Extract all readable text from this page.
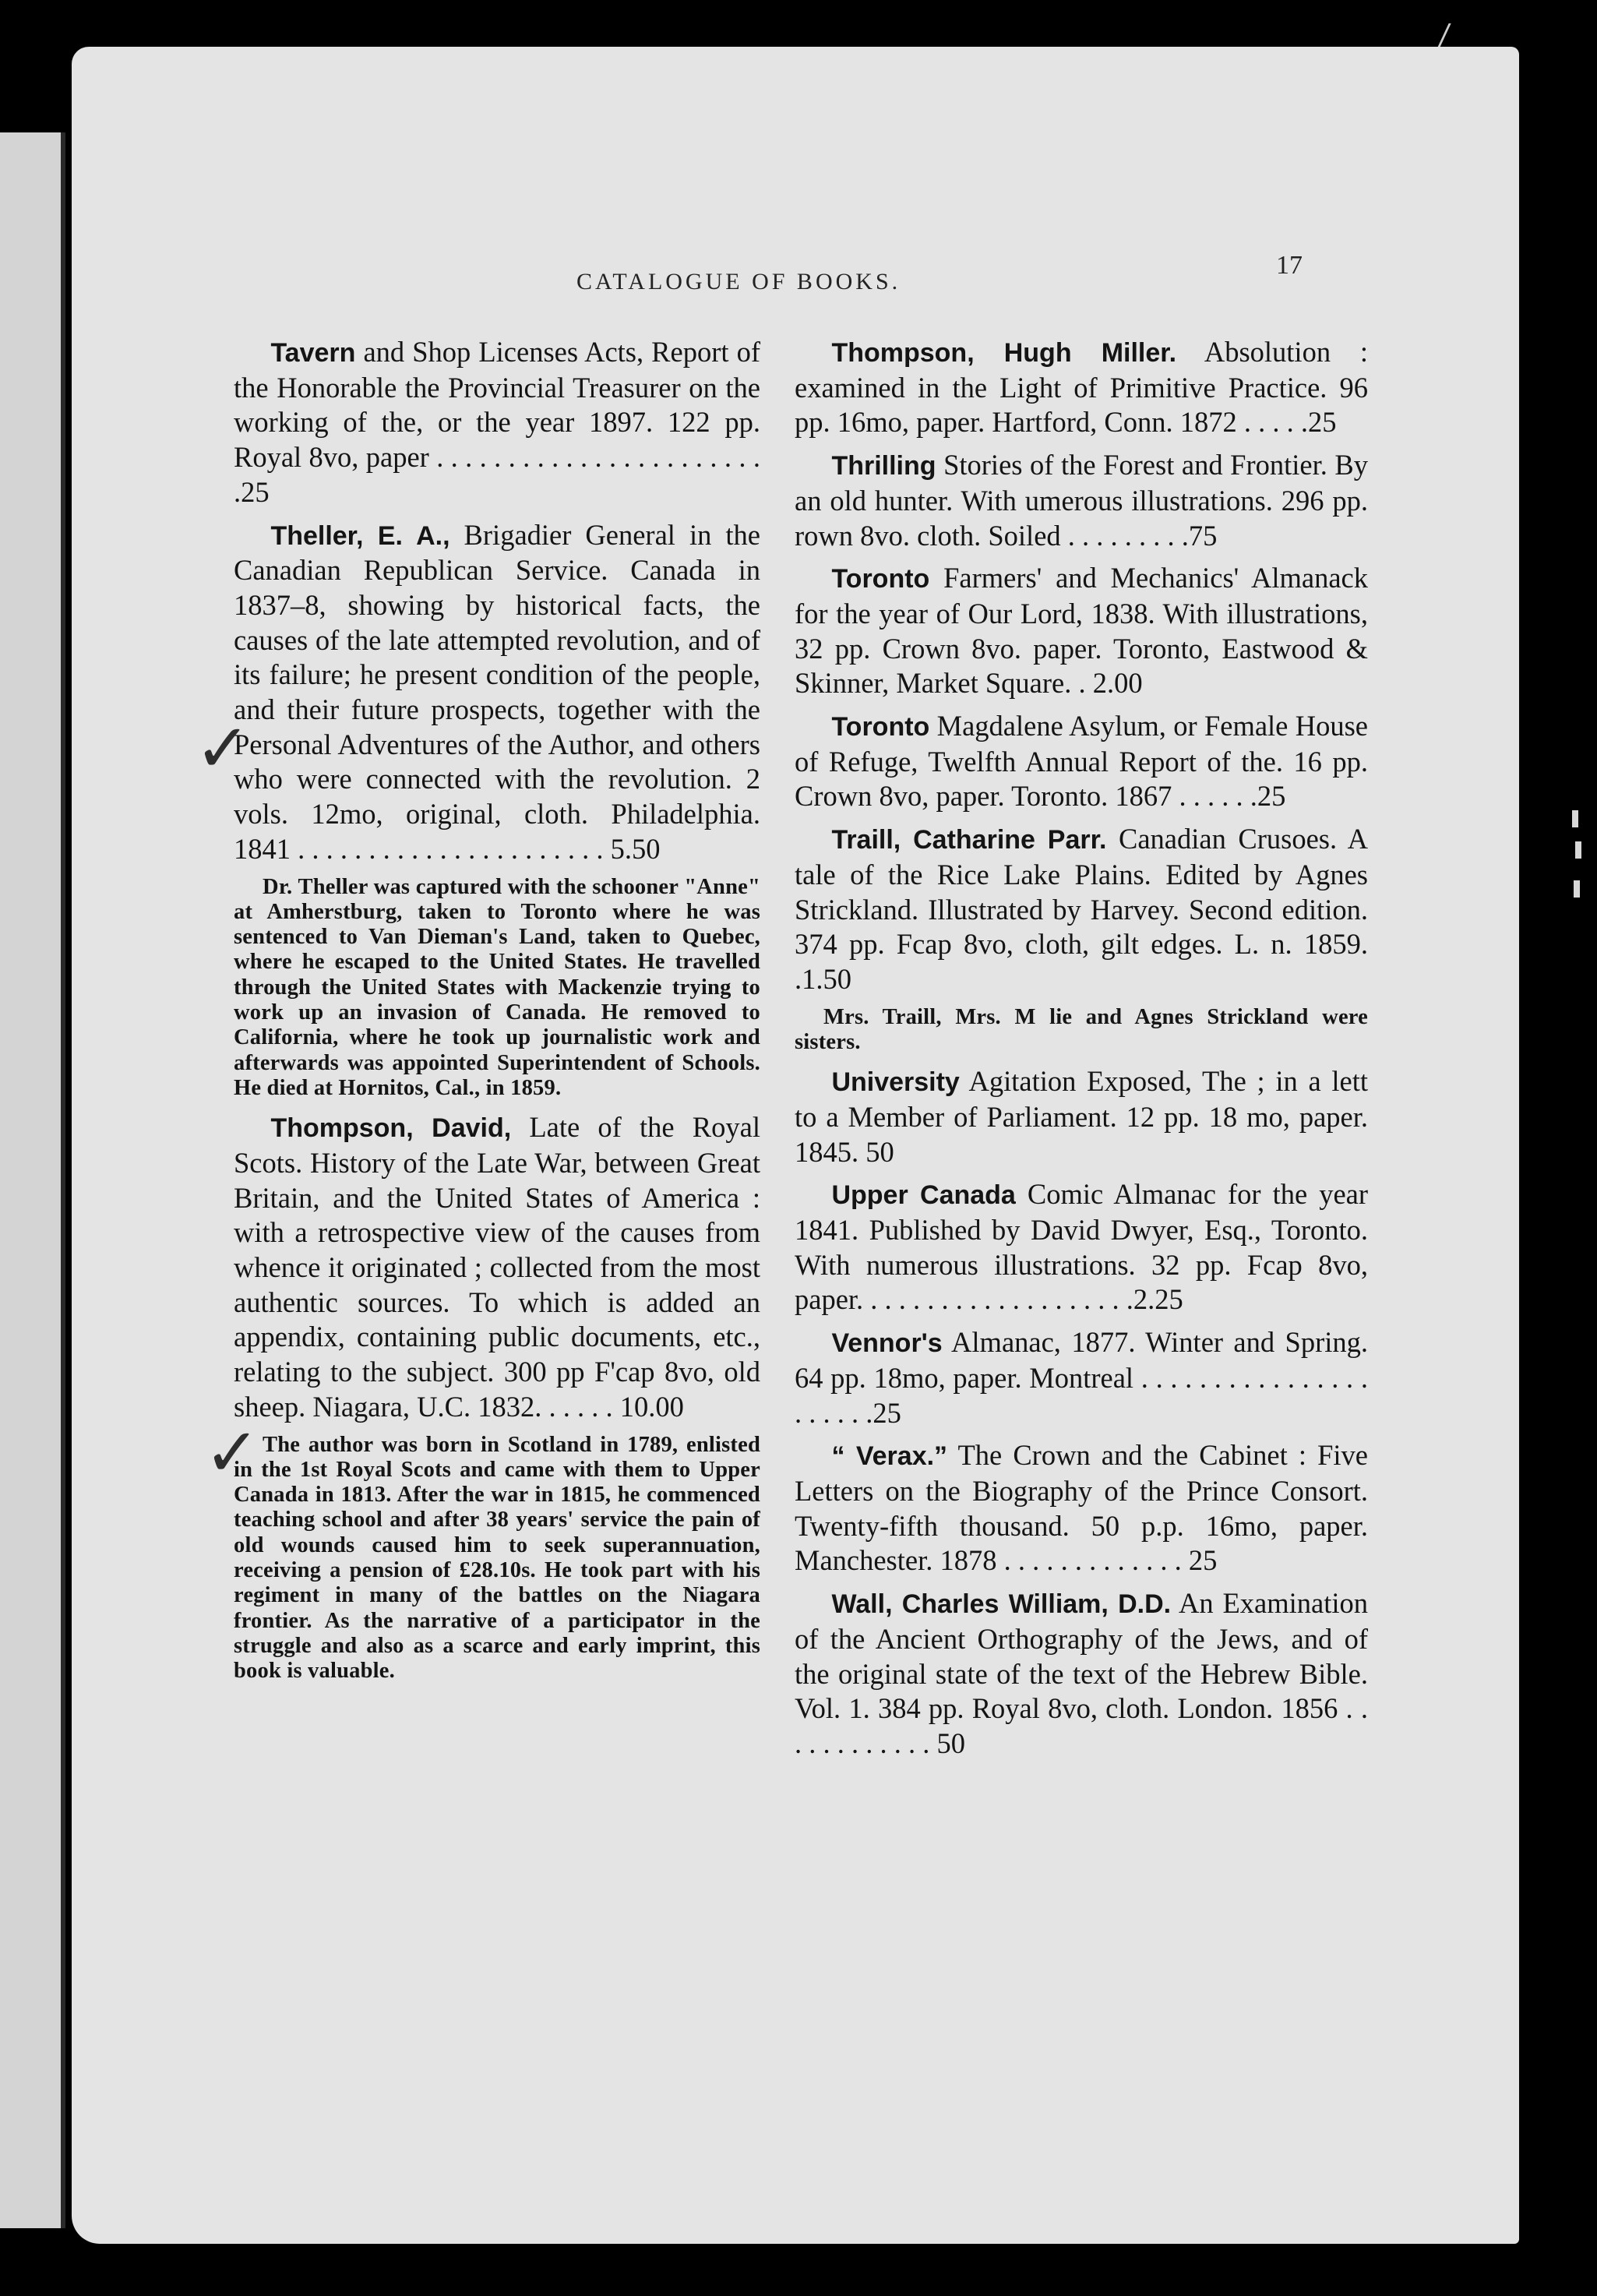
CATALOGUE OF BOOKS.
17

Tavern and Shop Licenses Acts, Report of the Honorable the Provincial Treasurer on the working of the, or the year 1897. 122 pp. Royal 8vo, paper . . . . . . . . . . . . . . . . . . . . . . . .25

Theller, E. A., Brigadier General in the Canadian Republican Service. Canada in 1837–8, showing by historical facts, the causes of the late attempted revolution, and of its failure; he present condition of the people, and their future prospects, together with the Personal Adventures of the Author, and others who were connected with the revolution. 2 vols. 12mo, original, cloth. Philadelphia. 1841 . . . . . . . . . . . . . . . . . . . . . . 5.50

Dr. Theller was captured with the schooner "Anne" at Amherstburg, taken to Toronto where he was sentenced to Van Dieman's Land, taken to Quebec, where he escaped to the United States. He travelled through the United States with Mackenzie trying to work up an invasion of Canada. He removed to California, where he took up journalistic work and afterwards was appointed Superintendent of Schools. He died at Hornitos, Cal., in 1859.

Thompson, David, Late of the Royal Scots. History of the Late War, between Great Britain, and the United States of America : with a retrospective view of the causes from whence it originated ; collected from the most authentic sources. To which is added an appendix, containing public documents, etc., relating to the subject. 300 pp F'cap 8vo, old sheep. Niagara, U.C. 1832. . . . . . 10.00

The author was born in Scotland in 1789, enlisted in the 1st Royal Scots and came with them to Upper Canada in 1813. After the war in 1815, he commenced teaching school and after 38 years' service the pain of old wounds caused him to seek superannuation, receiving a pension of £28.10s. He took part with his regiment in many of the battles on the Niagara frontier. As the narrative of a participator in the struggle and also as a scarce and early imprint, this book is valuable.

Thompson, Hugh Miller. Absolution : examined in the Light of Primitive Practice. 96 pp. 16mo, paper. Hartford, Conn. 1872 . . . . .25

Thrilling Stories of the Forest and Frontier. By an old hunter. With umerous illustrations. 296 pp. rown 8vo. cloth. Soiled . . . . . . . . .75

Toronto Farmers' and Mechanics' Almanack for the year of Our Lord, 1838. With illustrations, 32 pp. Crown 8vo. paper. Toronto, Eastwood & Skinner, Market Square. . 2.00

Toronto Magdalene Asylum, or Female House of Refuge, Twelfth Annual Report of the. 16 pp. Crown 8vo, paper. Toronto. 1867 . . . . . .25

Traill, Catharine Parr. Canadian Crusoes. A tale of the Rice Lake Plains. Edited by Agnes Strickland. Illustrated by Harvey. Second edition. 374 pp. Fcap 8vo, cloth, gilt edges. L. n. 1859. .1.50

Mrs. Traill, Mrs. M lie and Agnes Strickland were sisters.

University Agitation Exposed, The ; in a lett to a Member of Parliament. 12 pp. 18 mo, paper. 1845. 50

Upper Canada Comic Almanac for the year 1841. Published by David Dwyer, Esq., Toronto. With numerous illustrations. 32 pp. Fcap 8vo, paper. . . . . . . . . . . . . . . . . . . .2.25

Vennor's Almanac, 1877. Winter and Spring. 64 pp. 18mo, paper. Montreal . . . . . . . . . . . . . . . . . . . . . .25

“ Verax.” The Crown and the Cabinet : Five Letters on the Biography of the Prince Consort. Twenty-fifth thousand. 50 p.p. 16mo, paper. Manchester. 1878 . . . . . . . . . . . . . 25

Wall, Charles William, D.D. An Examination of the Ancient Orthography of the Jews, and of the original state of the text of the Hebrew Bible. Vol. 1. 384 pp. Royal 8vo, cloth. London. 1856 . . . . . . . . . . . . 50

✓
✓
